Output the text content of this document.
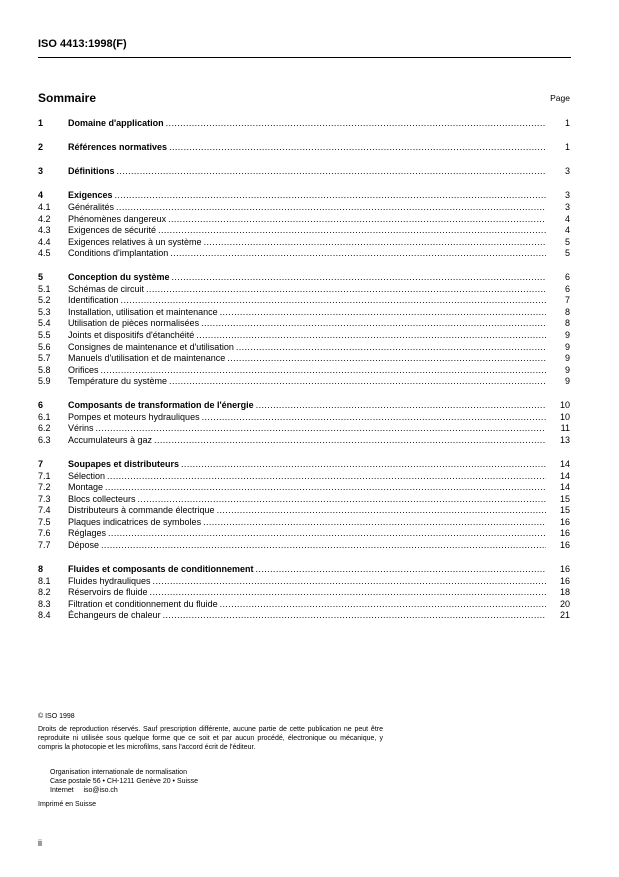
ISO 4413:1998(F)
Sommaire	Page
1	Domaine d'application .....	1
2	Références normatives .....	1
3	Définitions .....	3
4	Exigences .....	3
4.1	Généralités .....	3
4.2	Phénomènes dangereux .....	4
4.3	Exigences de sécurité .....	4
4.4	Exigences relatives à un système .....	5
4.5	Conditions d'implantation .....	5
5	Conception du système .....	6
5.1	Schémas de circuit .....	6
5.2	Identification .....	7
5.3	Installation, utilisation et maintenance .....	8
5.4	Utilisation de pièces normalisées .....	8
5.5	Joints et dispositifs d'étanchéité .....	9
5.6	Consignes de maintenance et d'utilisation .....	9
5.7	Manuels d'utilisation et de maintenance .....	9
5.8	Orifices .....	9
5.9	Température du système .....	9
6	Composants de transformation de l'énergie .....	10
6.1	Pompes et moteurs hydrauliques .....	10
6.2	Vérins .....	11
6.3	Accumulateurs à gaz .....	13
7	Soupapes et distributeurs .....	14
7.1	Sélection .....	14
7.2	Montage .....	14
7.3	Blocs collecteurs .....	15
7.4	Distributeurs à commande électrique .....	15
7.5	Plaques indicatrices de symboles .....	16
7.6	Réglages .....	16
7.7	Dépose .....	16
8	Fluides et composants de conditionnement .....	16
8.1	Fluides hydrauliques .....	16
8.2	Réservoirs de fluide .....	18
8.3	Filtration et conditionnement du fluide .....	20
8.4	Échangeurs de chaleur .....	21
© ISO 1998
Droits de reproduction réservés. Sauf prescription différente, aucune partie de cette publication ne peut être reproduite ni utilisée sous quelque forme que ce soit et par aucun procédé, électronique ou mécanique, y compris la photocopie et les microfilms, sans l'accord écrit de l'éditeur.
Organisation internationale de normalisation
Case postale 56 • CH-1211 Genève 20 • Suisse
Internet     iso@iso.ch
Imprimé en Suisse
ii
